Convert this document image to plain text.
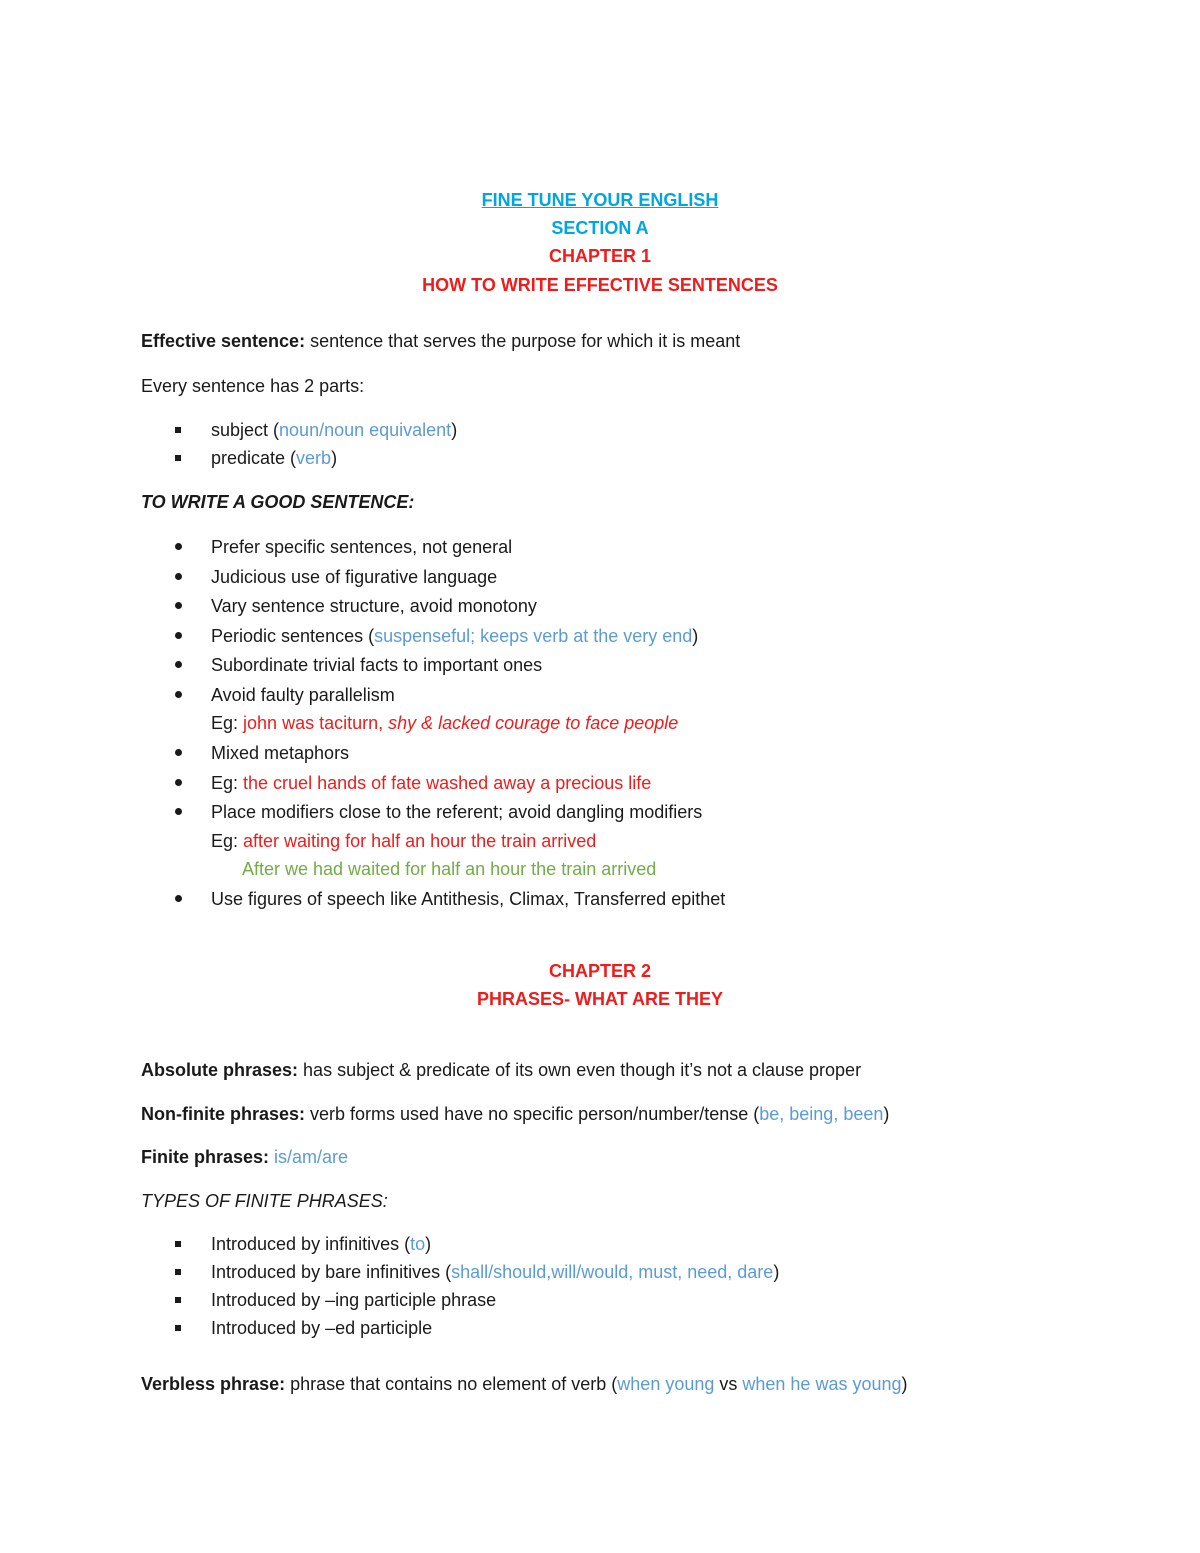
FINE TUNE YOUR ENGLISH
SECTION A
CHAPTER 1
HOW TO WRITE EFFECTIVE SENTENCES
Effective sentence: sentence that serves the purpose for which it is meant
Every sentence has 2 parts:
subject (noun/noun equivalent)
predicate (verb)
TO WRITE A GOOD SENTENCE:
Prefer specific sentences, not general
Judicious use of figurative language
Vary sentence structure, avoid monotony
Periodic sentences (suspenseful; keeps verb at the very end)
Subordinate trivial facts to important ones
Avoid faulty parallelism
Eg: john was taciturn, shy & lacked courage to face people
Mixed metaphors
Eg: the cruel hands of fate washed away a precious life
Place modifiers close to the referent; avoid dangling modifiers
Eg: after waiting for half an hour the train arrived
After we had waited for half an hour the train arrived
Use figures of speech like Antithesis, Climax, Transferred epithet
CHAPTER 2
PHRASES- WHAT ARE THEY
Absolute phrases: has subject & predicate of its own even though it’s not a clause proper
Non-finite phrases: verb forms used have no specific person/number/tense (be, being, been)
Finite phrases: is/am/are
TYPES OF FINITE PHRASES:
Introduced by infinitives (to)
Introduced by bare infinitives (shall/should,will/would, must, need, dare)
Introduced by –ing participle phrase
Introduced by –ed participle
Verbless phrase: phrase that contains no element of verb (when young vs when he was young)
